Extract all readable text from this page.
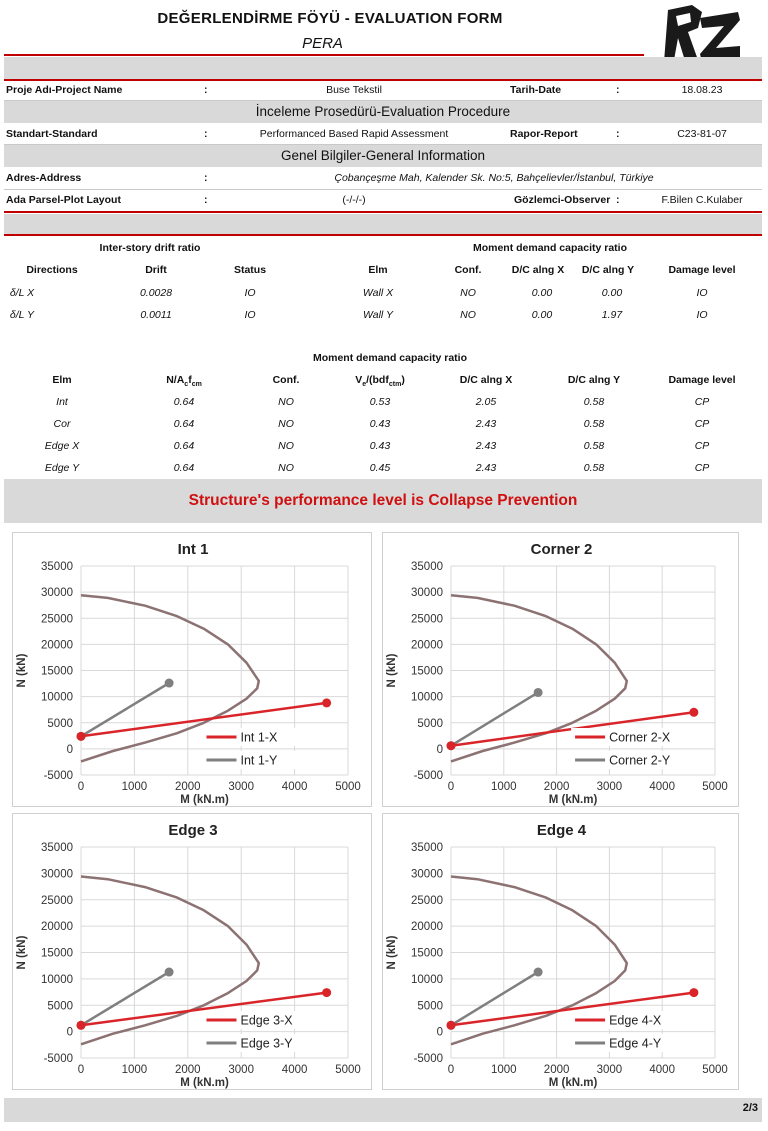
DEĞERLENDİRME FÖYÜ - EVALUATION FORM
PERA
Proje Adı-Project Name	:	Buse Tekstil	Tarih-Date	:	18.08.23
İnceleme Prosedürü-Evaluation Procedure
Standart-Standard	:	Performanced Based Rapid Assessment	Rapor-Report	:	C23-81-07
Genel Bilgiler-General Information
Adres-Address	:	Çobançeşme Mah, Kalender Sk. No:5, Bahçelievler/İstanbul, Türkiye
Ada Parsel-Plot Layout	:	(-/-/-)	Gözlemci-Observer :	F.Bilen C.Kulaber
Inter-story drift ratio	Moment demand capacity ratio
Directions	Drift	Status	Elm	Conf.	D/C alng X	D/C alng Y	Damage level
δ/L X	0.0028	IO	Wall X	NO	0.00	0.00	IO
δ/L Y	0.0011	IO	Wall Y	NO	0.00	1.97	IO
Moment demand capacity ratio
Elm	$N/A_cf_{cm}$	Conf.	$V_e/(bdf_{ctm})$	D/C alng X	D/C alng Y	Damage level
Int	0.64	NO	0.53	2.05	0.58	CP
Cor	0.64	NO	0.43	2.43	0.58	CP
Edge X	0.64	NO	0.43	2.43	0.58	CP
Edge Y	0.64	NO	0.45	2.43	0.58	CP
Structure's performance level is Collapse Prevention
Int 1
-5000
0
5000
10000
15000
20000
25000
30000
35000
0	1000 2000 3000 4000 5000
M (kN.m)
N (kN)
Int 1-X
Int 1-Y
Corner 2
-5000
0
5000
10000
15000
20000
25000
30000
35000
0	1000 2000 3000 4000 5000
M (kN.m)
N (kN)
Corner 2-X
Corner 2-Y
Edge 3
-5000
0
5000
10000
15000
20000
25000
30000
35000
0	1000 2000 3000 4000 5000
M (kN.m)
N (kN)
Edge 3-X
Edge 3-Y
Edge 4
-5000
0
5000
10000
15000
20000
25000
30000
35000
0	1000 2000 3000 4000 5000
M (kN.m)
N (kN)
Edge 4-X
Edge 4-Y
2/3
